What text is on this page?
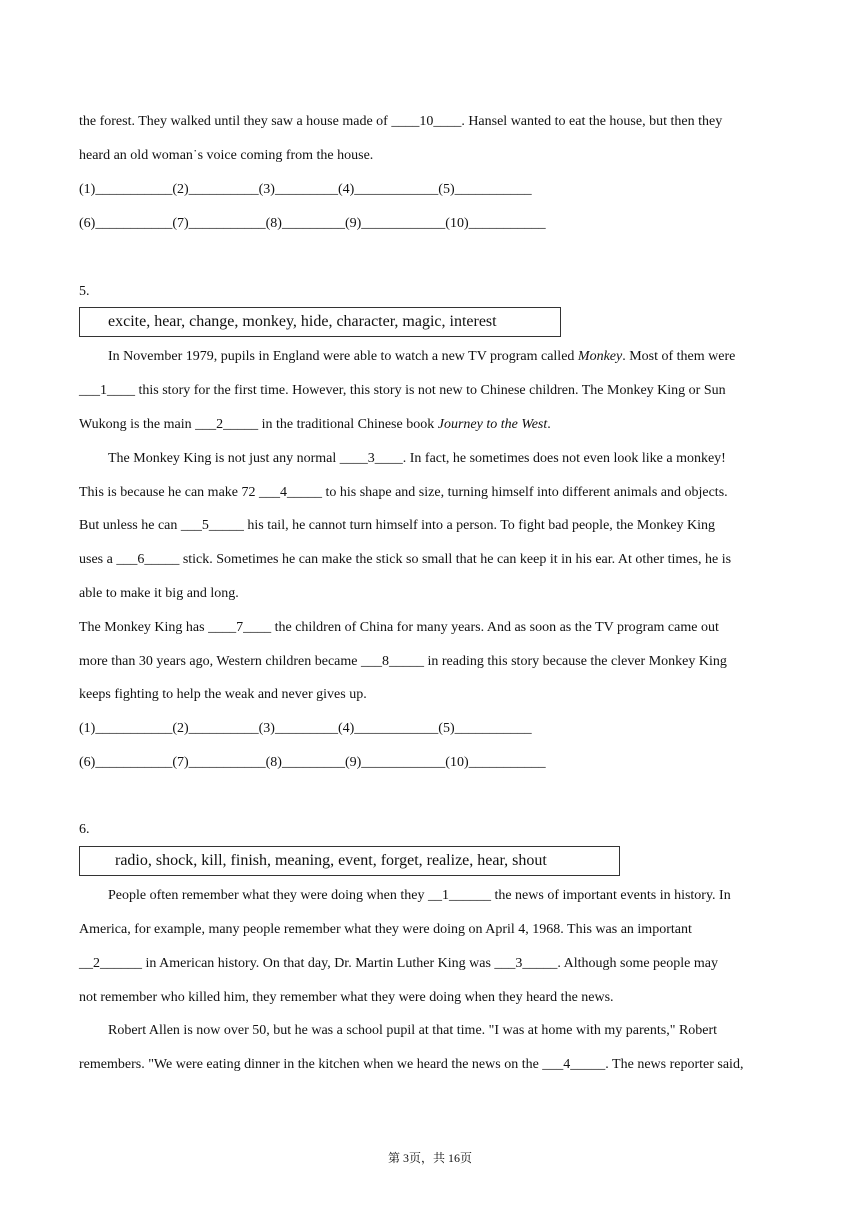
the forest. They walked until they saw a house made of ____10____. Hansel wanted to eat the house, but then they

heard an old woman˙s voice coming from the house.

(1)___________(2)__________(3)_________(4)____________(5)___________

(6)___________(7)___________(8)_________(9)____________(10)___________

5.
excite, hear, change, monkey, hide, character, magic, interest

In November 1979, pupils in England were able to watch a new TV program called Monkey. Most of them were

___1____ this story for the first time. However, this story is not new to Chinese children. The Monkey King or Sun

Wukong is the main ___2_____ in the traditional Chinese book Journey to the West.

The Monkey King is not just any normal ____3____. In fact, he sometimes does not even look like a monkey!

This is because he can make 72 ___4_____ to his shape and size, turning himself into different animals and objects.

But unless he can ___5_____ his tail, he cannot turn himself into a person. To fight bad people, the Monkey King

uses a ___6_____ stick. Sometimes he can make the stick so small that he can keep it in his ear. At other times, he is

able to make it big and long.

The Monkey King has ____7____ the children of China for many years. And as soon as the TV program came out

more than 30 years ago, Western children became ___8_____ in reading this story because the clever Monkey King

keeps fighting to help the weak and never gives up.

(1)___________(2)__________(3)_________(4)____________(5)___________

(6)___________(7)___________(8)_________(9)____________(10)___________

6.
radio, shock, kill, finish, meaning, event, forget, realize, hear, shout

People often remember what they were doing when they __1______ the news of important events in history. In

America, for example, many people remember what they were doing on April 4, 1968. This was an important

__2______ in American history. On that day, Dr. Martin Luther King was ___3_____. Although some people may

not remember who killed him, they remember what they were doing when they heard the news.

Robert Allen is now over 50, but he was a school pupil at that time. "I was at home with my parents," Robert

remembers. "We were eating dinner in the kitchen when we heard the news on the ___4_____. The news reporter said,

第 3页，共 16页
